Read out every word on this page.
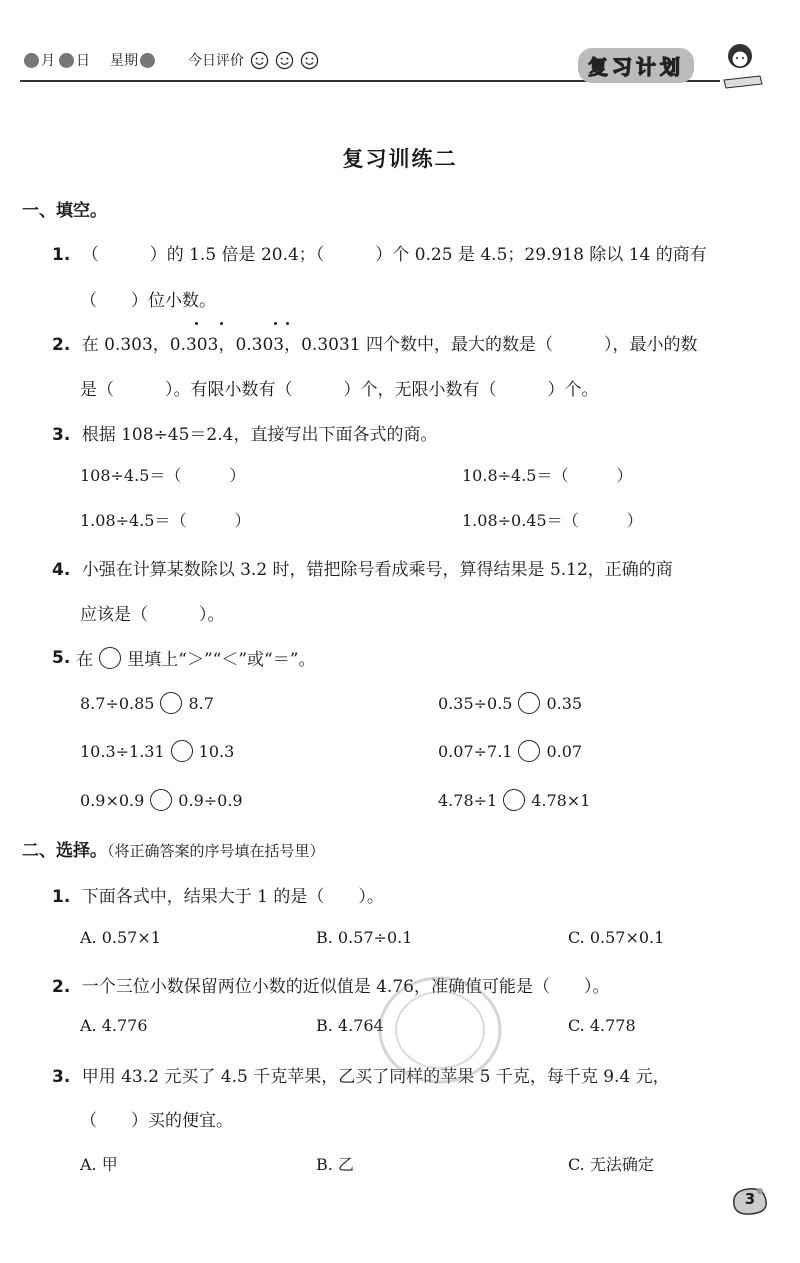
月 日 星期	今日评价	复习计划
复习训练二
一、填空。
1. （　　　）的 1.5 倍是 20.4；（　　　）个 0.25 是 4.5；29.918 除以 14 的商有
（　　）位小数。
2. 在 0.303，0.303，0.303，0.3031 四个数中，最大的数是（　　　），最小的数
是（　　　）。有限小数有（　　　）个，无限小数有（　　　）个。
3. 根据 108÷45＝2.4，直接写出下面各式的商。
108÷4.5＝（　　　）	10.8÷4.5＝（　　　）
1.08÷4.5＝（　　　）	1.08÷0.45＝（　　　）
4. 小强在计算某数除以 3.2 时，错把除号看成乘号，算得结果是 5.12，正确的商
应该是（　　　）。
5. 在 里填上“＞”“＜”或“＝”。
8.7÷0.85 8.7	0.35÷0.5 0.35
10.3÷1.31 10.3	0.07÷7.1 0.07
0.9×0.9 0.9÷0.9	4.78÷1 4.78×1
二、选择。（将正确答案的序号填在括号里）
1. 下面各式中，结果大于 1 的是（　　）。
A. 0.57×1	B. 0.57÷0.1	C. 0.57×0.1
2. 一个三位小数保留两位小数的近似值是 4.76，准确值可能是（　　）。
A. 4.776	B. 4.764	C. 4.778
3. 甲用 43.2 元买了 4.5 千克苹果，乙买了同样的苹果 5 千克，每千克 9.4 元，
（　　）买的便宜。
A. 甲	B. 乙	C. 无法确定
3
